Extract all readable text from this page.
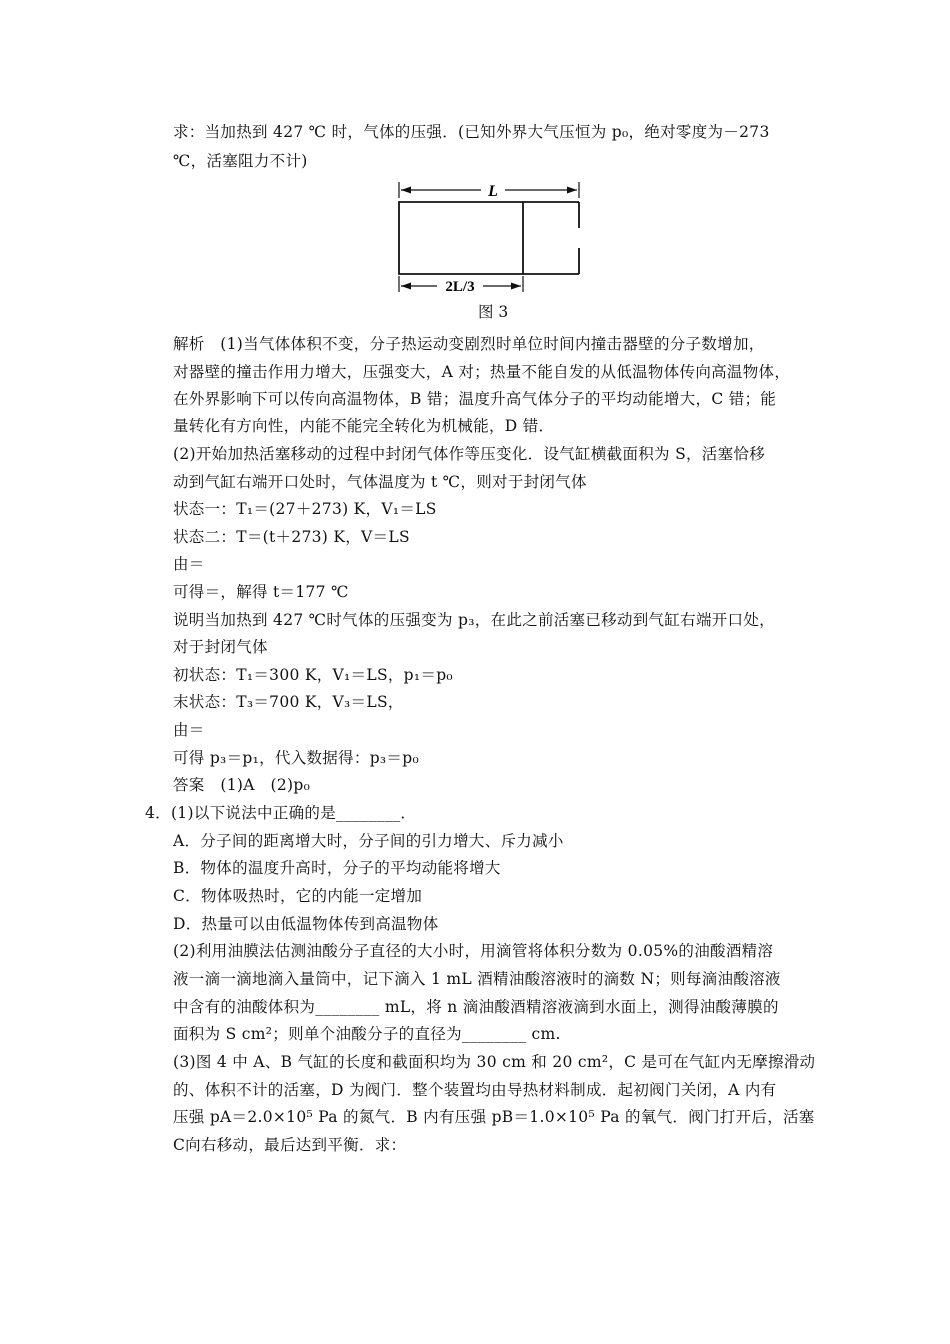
求：当加热到 427 ℃ 时，气体的压强．(已知外界大气压恒为 p₀，绝对零度为－273
℃，活塞阻力不计)
L
2L/3
图 3
解析 (1)当气体体积不变，分子热运动变剧烈时单位时间内撞击器壁的分子数增加，
对器壁的撞击作用力增大，压强变大，A 对；热量不能自发的从低温物体传向高温物体，
在外界影响下可以传向高温物体，B 错；温度升高气体分子的平均动能增大，C 错；能
量转化有方向性，内能不能完全转化为机械能，D 错．
(2)开始加热活塞移动的过程中封闭气体作等压变化．设气缸横截面积为 S，活塞恰移
动到气缸右端开口处时，气体温度为 t ℃，则对于封闭气体
状态一：T₁＝(27＋273) K，V₁＝LS
状态二：T＝(t＋273) K，V＝LS
由＝
可得＝，解得 t＝177 ℃
说明当加热到 427 ℃时气体的压强变为 p₃，在此之前活塞已移动到气缸右端开口处，
对于封闭气体
初状态：T₁＝300 K，V₁＝LS，p₁＝p₀
末状态：T₃＝700 K，V₃＝LS，
由＝
可得 p₃＝p₁，代入数据得：p₃＝p₀
答案　(1)A　(2)p₀
4．(1)以下说法中正确的是________．
A．分子间的距离增大时，分子间的引力增大、斥力减小
B．物体的温度升高时，分子的平均动能将增大
C．物体吸热时，它的内能一定增加
D．热量可以由低温物体传到高温物体
(2)利用油膜法估测油酸分子直径的大小时，用滴管将体积分数为 0.05%的油酸酒精溶
液一滴一滴地滴入量筒中，记下滴入 1 mL 酒精油酸溶液时的滴数 N；则每滴油酸溶液
中含有的油酸体积为________ mL，将 n 滴油酸酒精溶液滴到水面上，测得油酸薄膜的
面积为 S cm²；则单个油酸分子的直径为________ cm.
(3)图 4 中 A、B 气缸的长度和截面积均为 30 cm 和 20 cm²，C 是可在气缸内无摩擦滑动
的、体积不计的活塞，D 为阀门．整个装置均由导热材料制成．起初阀门关闭，A 内有
压强 pA＝2.0×10⁵ Pa 的氮气．B 内有压强 pB＝1.0×10⁵ Pa 的氧气．阀门打开后，活塞
C向右移动，最后达到平衡．求：
